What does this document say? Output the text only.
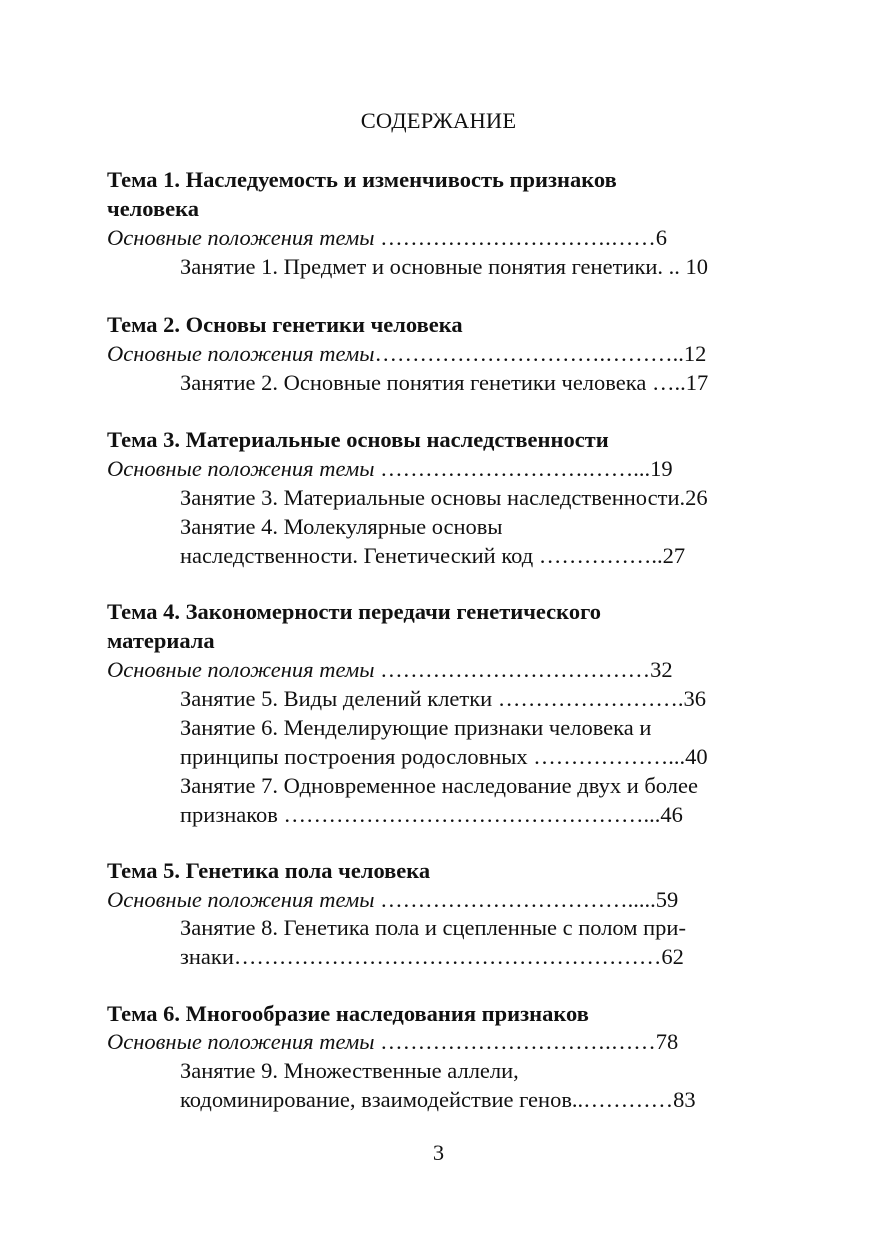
СОДЕРЖАНИЕ

Тема 1. Наследуемость и изменчивость признаков

человека

Основные положения темы ………………………….……6

Занятие 1. Предмет и основные понятия генетики. .. 10

Тема 2. Основы генетики человека

Основные положения темы………………………….………..12

Занятие 2. Основные понятия генетики человека …..17

Тема 3. Материальные основы наследственности

Основные положения темы ……………………….……...19

Занятие 3. Материальные основы наследственности.26

Занятие 4. Молекулярные основы

наследственности. Генетический код ……………..27

Тема 4. Закономерности передачи генетического

материала

Основные положения темы ………………………………32

Занятие 5. Виды делений клетки …………………….36

Занятие 6. Менделирующие признаки человека и

принципы построения родословных ………………...40

Занятие 7. Одновременное наследование двух и более

признаков …………………………………………...46

Тема 5. Генетика пола человека

Основные положения темы …………………………….....59

Занятие 8. Генетика пола и сцепленные с полом при-

знаки…………………………………………………62

Тема 6. Многообразие наследования признаков

Основные положения темы ………………………….……78

Занятие 9. Множественные аллели,

кодоминирование, взаимодействие генов..…………83

3
